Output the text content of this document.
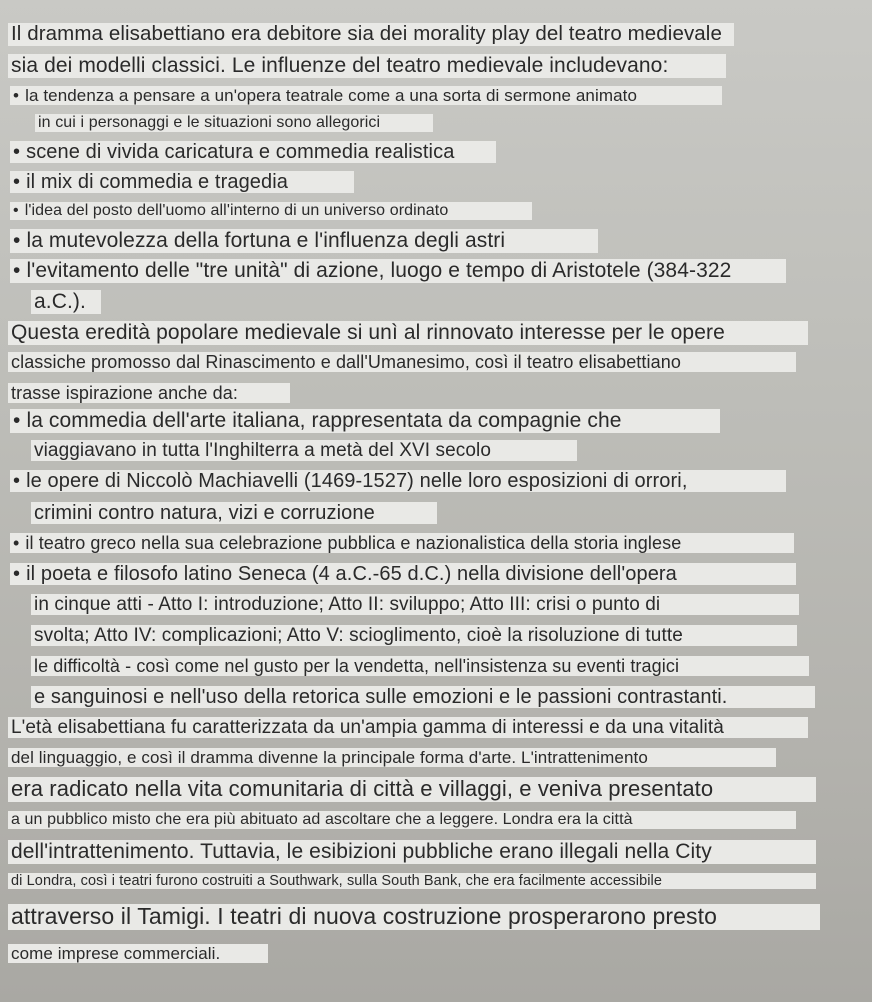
Il dramma elisabettiano era debitore sia dei morality play del teatro medievale
sia dei modelli classici. Le influenze del teatro medievale includevano:
• la tendenza a pensare a un'opera teatrale come a una sorta di sermone animato
in cui i personaggi e le situazioni sono allegorici
• scene di vivida caricatura e commedia realistica
• il mix di commedia e tragedia
• l'idea del posto dell'uomo all'interno di un universo ordinato
• la mutevolezza della fortuna e l'influenza degli astri
• l'evitamento delle "tre unità" di azione, luogo e tempo di Aristotele (384-322
a.C.).
Questa eredità popolare medievale si unì al rinnovato interesse per le opere
classiche promosso dal Rinascimento e dall'Umanesimo, così il teatro elisabettiano
trasse ispirazione anche da:
• la commedia dell'arte italiana, rappresentata da compagnie che
viaggiavano in tutta l'Inghilterra a metà del XVI secolo
• le opere di Niccolò Machiavelli (1469-1527) nelle loro esposizioni di orrori,
crimini contro natura, vizi e corruzione
• il teatro greco nella sua celebrazione pubblica e nazionalistica della storia inglese
• il poeta e filosofo latino Seneca (4 a.C.-65 d.C.) nella divisione dell'opera
in cinque atti - Atto I: introduzione; Atto II: sviluppo; Atto III: crisi o punto di
svolta; Atto IV: complicazioni; Atto V: scioglimento, cioè la risoluzione di tutte
le difficoltà - così come nel gusto per la vendetta, nell'insistenza su eventi tragici
e sanguinosi e nell'uso della retorica sulle emozioni e le passioni contrastanti.
L'età elisabettiana fu caratterizzata da un'ampia gamma di interessi e da una vitalità
del linguaggio, e così il dramma divenne la principale forma d'arte. L'intrattenimento
era radicato nella vita comunitaria di città e villaggi, e veniva presentato
a un pubblico misto che era più abituato ad ascoltare che a leggere. Londra era la città
dell'intrattenimento. Tuttavia, le esibizioni pubbliche erano illegali nella City
di Londra, così i teatri furono costruiti a Southwark, sulla South Bank, che era facilmente accessibile
attraverso il Tamigi. I teatri di nuova costruzione prosperarono presto
come imprese commerciali.
